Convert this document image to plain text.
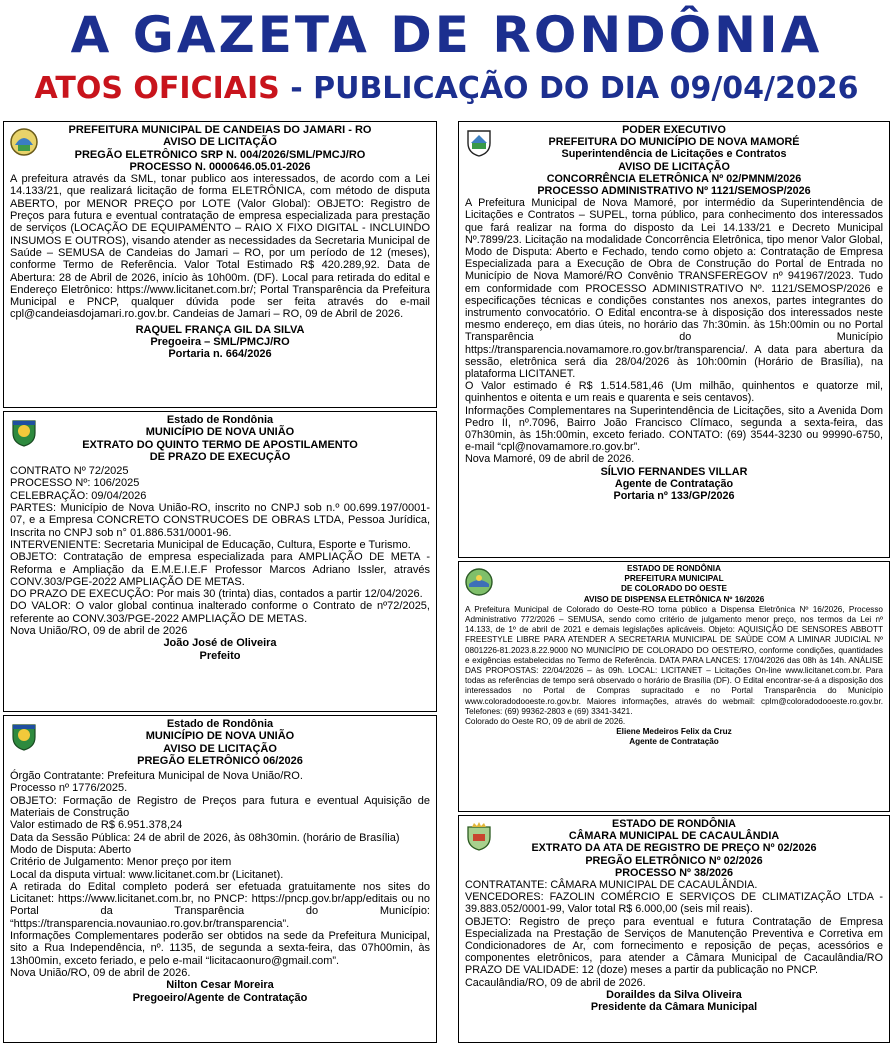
A GAZETA DE RONDÔNIA
ATOS OFICIAIS - PUBLICAÇÃO DO DIA 09/04/2026
PREFEITURA MUNICIPAL DE CANDEIAS DO JAMARI - RO
AVISO DE LICITAÇÃO
PREGÃO ELETRÔNICO SRP N. 004/2026/SML/PMCJ/RO
PROCESSO N. 0000646.05.01-2026
A prefeitura através da SML, tonar publico aos interessados, de acordo com a Lei 14.133/21, que realizará licitação de forma ELETRÔNICA, com método de disputa ABERTO, por MENOR PREÇO por LOTE (Valor Global): OBJETO: Registro de Preços para futura e eventual contratação de empresa especializada para prestação de serviços (LOCAÇÃO DE EQUIPAMENTO – RAIO X FIXO DIGITAL - INCLUINDO INSUMOS E OUTROS), visando atender as necessidades da Secretaria Municipal de Saúde – SEMUSA de Candeias do Jamari – RO, por um período de 12 (meses), conforme Termo de Referência. Valor Total Estimado R$ 420.289,92. Data de Abertura: 28 de Abril de 2026, início às 10h00m. (DF). Local para retirada do edital e Endereço Eletrônico: https://www.licitanet.com.br/; Portal Transparência da Prefeitura Municipal e PNCP, qualquer dúvida pode ser feita através do e-mail cpl@candeiasdojamari.ro.gov.br. Candeias de Jamari – RO, 09 de Abril de 2026.
RAQUEL FRANÇA GIL DA SILVA
Pregoeira – SML/PMCJ/RO
Portaria n. 664/2026
Estado de Rondônia
MUNICÍPIO DE NOVA UNIÃO
EXTRATO DO QUINTO TERMO DE APOSTILAMENTO
DE PRAZO DE EXECUÇÃO
CONTRATO Nº 72/2025
PROCESSO Nº: 106/2025
CELEBRAÇÃO: 09/04/2026
PARTES: Município de Nova União-RO, inscrito no CNPJ sob n.º 00.699.197/0001-07, e a Empresa CONCRETO CONSTRUCOES DE OBRAS LTDA, Pessoa Jurídica, Inscrita no CNPJ sob n° 01.886.531/0001-96.
INTERVENIENTE: Secretaria Municipal de Educação, Cultura, Esporte e Turismo.
OBJETO: Contratação de empresa especializada para AMPLIAÇÃO DE META - Reforma e Ampliação da E.M.E.I.E.F Professor Marcos Adriano Issler, através CONV.303/PGE-2022 AMPLIAÇÃO DE METAS.
DO PRAZO DE EXECUÇÃO: Por mais 30 (trinta) dias, contados a partir 12/04/2026.
DO VALOR: O valor global continua inalterado conforme o Contrato de nº72/2025, referente ao CONV.303/PGE-2022 AMPLIAÇÃO DE METAS.
Nova União/RO, 09 de abril de 2026
João José de Oliveira
Prefeito
Estado de Rondônia
MUNICÍPIO DE NOVA UNIÃO
AVISO DE LICITAÇÃO
PREGÃO ELETRÔNICO 06/2026
Órgão Contratante: Prefeitura Municipal de Nova União/RO.
Processo nº 1776/2025.
OBJETO: Formação de Registro de Preços para futura e eventual Aquisição de Materiais de Construção
Valor estimado de R$ 6.951.378,24
Data da Sessão Pública: 24 de abril de 2026, às 08h30min. (horário de Brasília)
Modo de Disputa: Aberto
Critério de Julgamento: Menor preço por item
Local da disputa virtual: www.licitanet.com.br (Licitanet).
A retirada do Edital completo poderá ser efetuada gratuitamente nos sites do Licitanet: https://www.licitanet.com.br, no PNCP: https://pncp.gov.br/app/editais ou no Portal da Transparência do Município: “https://transparencia.novauniao.ro.gov.br/transparencia”.
Informações Complementares poderão ser obtidos na sede da Prefeitura Municipal, sito a Rua Independência, nº. 1135, de segunda a sexta-feira, das 07h00min, às 13h00min, exceto feriado, e pelo e-mail “licitacaonuro@gmail.com”.
Nova União/RO, 09 de abril de 2026.
Nilton Cesar Moreira
Pregoeiro/Agente de Contratação
PODER EXECUTIVO
PREFEITURA DO MUNICÍPIO DE NOVA MAMORÉ
Superintendência de Licitações e Contratos
AVISO DE LICITAÇÃO
CONCORRÊNCIA ELETRÔNICA Nº 02/PMNM/2026
PROCESSO ADMINISTRATIVO Nº 1121/SEMOSP/2026
A Prefeitura Municipal de Nova Mamoré, por intermédio da Superintendência de Licitações e Contratos – SUPEL, torna público, para conhecimento dos interessados que fará realizar na forma do disposto da Lei 14.133/21 e Decreto Municipal Nº.7899/23. Licitação na modalidade Concorrência Eletrônica, tipo menor Valor Global, Modo de Disputa: Aberto e Fechado, tendo como objeto a: Contratação de Empresa Especializada para a Execução de Obra de Construção do Portal de Entrada no Município de Nova Mamoré/RO Convênio TRANSFEREGOV nº 941967/2023. Tudo em conformidade com PROCESSO ADMINISTRATIVO Nº. 1121/SEMOSP/2026 e especificações técnicas e condições constantes nos anexos, partes integrantes do instrumento convocatório. O Edital encontra-se à disposição dos interessados neste mesmo endereço, em dias úteis, no horário das 7h:30min. às 15h:00min ou no Portal Transparência do Município https://transparencia.novamamore.ro.gov.br/transparencia/. A data para abertura da sessão, eletrônica será dia 28/04/2026 às 10h:00min (Horário de Brasília), na plataforma LICITANET.
O Valor estimado é R$ 1.514.581,46 (Um milhão, quinhentos e quatorze mil, quinhentos e oitenta e um reais e quarenta e seis centavos).
Informações Complementares na Superintendência de Licitações, sito a Avenida Dom Pedro II, nº.7096, Bairro João Francisco Clímaco, segunda a sexta-feira, das 07h30min, às 15h:00min, exceto feriado. CONTATO: (69) 3544-3230 ou 99990-6750, e-mail “cpl@novamamore.ro.gov.br”.
Nova Mamoré, 09 de abril de 2026.
SÍLVIO FERNANDES VILLAR
Agente de Contratação
Portaria nº 133/GP/2026
ESTADO DE RONDÔNIA
PREFEITURA MUNICIPAL
DE COLORADO DO OESTE
AVISO DE DISPENSA ELETRÔNICA Nº 16/2026
A Prefeitura Municipal de Colorado do Oeste-RO torna público a Dispensa Eletrônica Nº 16/2026, Processo Administrativo 772/2026 – SEMUSA, sendo como critério de julgamento menor preço, nos termos da Lei nº 14.133, de 1º de abril de 2021 e demais legislações aplicáveis. Objeto: AQUISIÇÃO DE SENSORES ABBOTT FREESTYLE LIBRE PARA ATENDER A SECRETARIA MUNICIPAL DE SAÚDE COM A LIMINAR JUDICIAL Nº 0801226-81.2023.8.22.9000 NO MUNICÍPIO DE COLORADO DO OESTE/RO, conforme condições, quantidades e exigências estabelecidas no Termo de Referência. DATA PARA LANCES: 17/04/2026 das 08h às 14h. ANÁLISE DAS PROPOSTAS: 22/04/2026 – às 09h. LOCAL: LICITANET – Licitações On-line www.licitanet.com.br. Para todas as referências de tempo será observado o horário de Brasília (DF). O Edital encontrar-se-á a disposição dos interessados no Portal de Compras supracitado e no Portal Transparência do Município www.coloradodooeste.ro.gov.br. Maiores informações, através do webmail: cplm@coloradodooeste.ro.gov.br. Telefones: (69) 99362-2803 e (69) 3341-3421.
Colorado do Oeste RO, 09 de abril de 2026.
Eliene Medeiros Felix da Cruz
Agente de Contratação
ESTADO DE RONDÔNIA
CÂMARA MUNICIPAL DE CACAULÂNDIA
EXTRATO DA ATA DE REGISTRO DE PREÇO Nº 02/2026
PREGÃO ELETRÔNICO Nº 02/2026
PROCESSO Nº 38/2026
CONTRATANTE: CÂMARA MUNICIPAL DE CACAULÂNDIA.
VENCEDORES: FAZOLIN COMÉRCIO E SERVIÇOS DE CLIMATIZAÇÃO LTDA - 39.883.052/0001-99, Valor total R$ 6.000,00 (seis mil reais).
OBJETO: Registro de preço para eventual e futura Contratação de Empresa Especializada na Prestação de Serviços de Manutenção Preventiva e Corretiva em Condicionadores de Ar, com fornecimento e reposição de peças, acessórios e componentes eletrônicos, para atender a Câmara Municipal de Cacaulândia/RO PRAZO DE VALIDADE: 12 (doze) meses a partir da publicação no PNCP.
Cacaulândia/RO, 09 de abril de 2026.
Doraildes da Silva Oliveira
Presidente da Câmara Municipal
